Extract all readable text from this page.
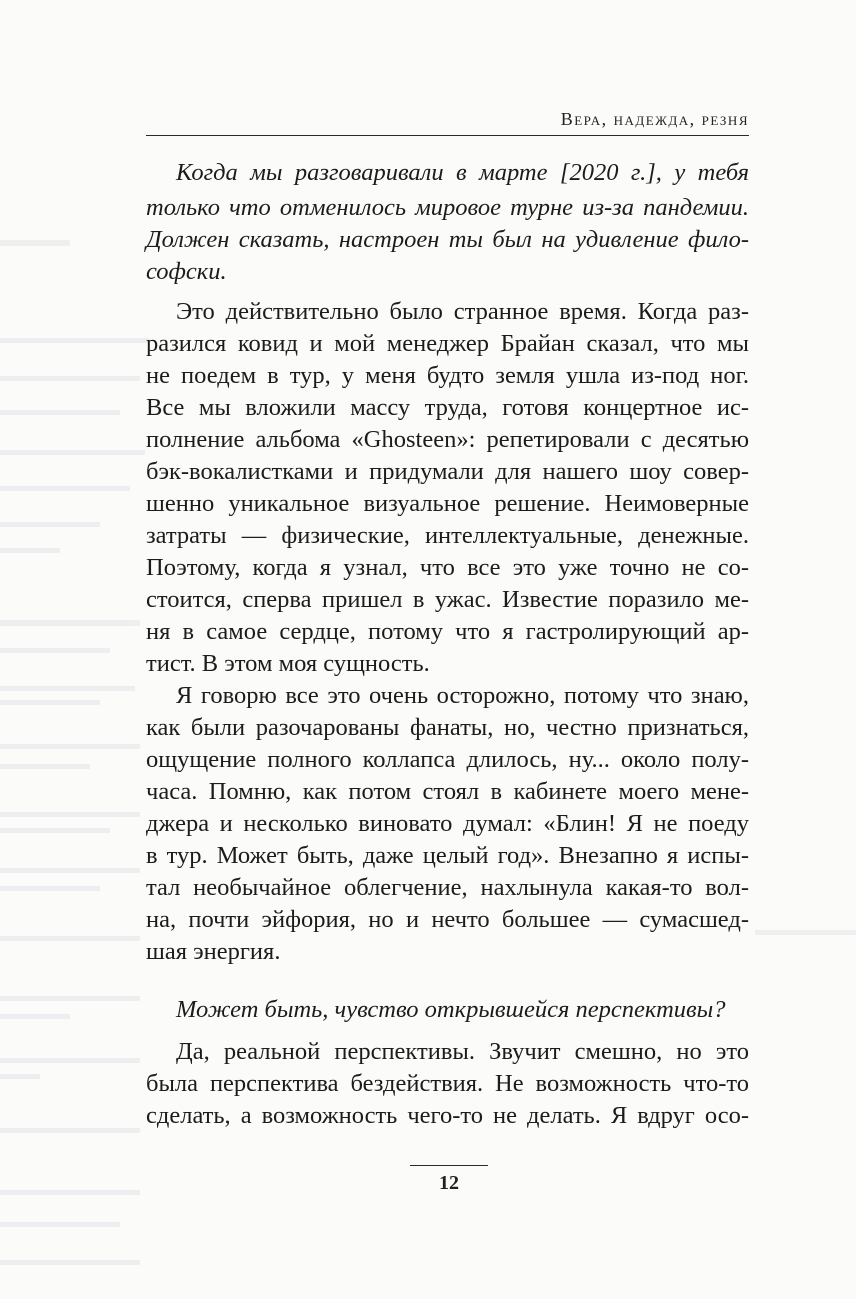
Вера, надежда, резня
Когда мы разговаривали в марте [2020 г.], у тебя
только что отменилось мировое турне из-за пандемии.
Должен сказать, настроен ты был на удивление фило-
софски.
Это действительно было странное время. Когда раз-
разился ковид и мой менеджер Брайан сказал, что мы
не поедем в тур, у меня будто земля ушла из-под ног.
Все мы вложили массу труда, готовя концертное ис-
полнение альбома «Ghosteen»: репетировали с десятью
бэк-вокалистками и придумали для нашего шоу совер-
шенно уникальное визуальное решение. Неимоверные
затраты — физические, интеллектуальные, денежные.
Поэтому, когда я узнал, что все это уже точно не со-
стоится, сперва пришел в ужас. Известие поразило ме-
ня в самое сердце, потому что я гастролирующий ар-
тист. В этом моя сущность.
Я говорю все это очень осторожно, потому что знаю,
как были разочарованы фанаты, но, честно признаться,
ощущение полного коллапса длилось, ну... около полу-
часа. Помню, как потом стоял в кабинете моего мене-
джера и несколько виновато думал: «Блин! Я не поеду
в тур. Может быть, даже целый год». Внезапно я испы-
тал необычайное облегчение, нахлынула какая-то вол-
на, почти эйфория, но и нечто большее — сумасшед-
шая энергия.
Может быть, чувство открывшейся перспективы?
Да, реальной перспективы. Звучит смешно, но это
была перспектива бездействия. Не возможность что-то
сделать, а возможность чего-то не делать. Я вдруг осо-
12
